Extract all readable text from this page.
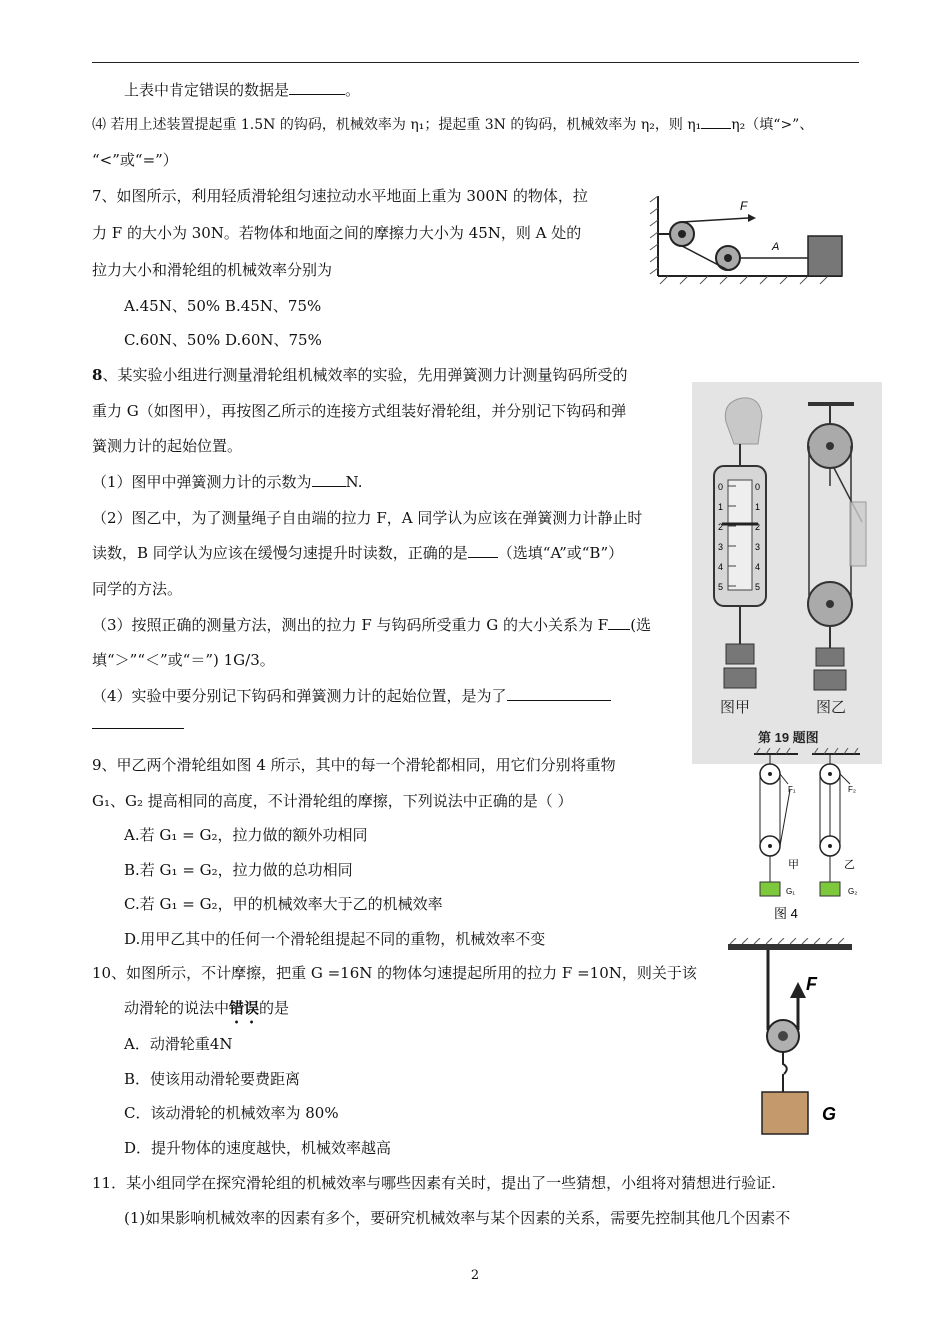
上表中肯定错误的数据是	。
⑷ 若用上述装置提起重 1.5N 的钩码，机械效率为 η₁；提起重 3N 的钩码，机械效率为 η₂，则 η₁ η₂（填“>”、
“<”或“=”）
7、如图所示，利用轻质滑轮组匀速拉动水平地面上重为 300N 的物体，拉
力 F 的大小为 30N。若物体和地面之间的摩擦力大小为 45N，则 A 处的
拉力大小和滑轮组的机械效率分别为
A.45N、50% B.45N、75%
C.60N、50% D.60N、75%
8、某实验小组进行测量滑轮组机械效率的实验，先用弹簧测力计测量钩码所受的
重力 G（如图甲），再按图乙所示的连接方式组装好滑轮组，并分别记下钩码和弹
簧测力计的起始位置。
（1）图甲中弹簧测力计的示数为 N.
（2）图乙中，为了测量绳子自由端的拉力 F，A 同学认为应该在弹簧测力计静止时
读数，B 同学认为应该在缓慢匀速提升时读数，正确的是 （选填“A”或“B”）
同学的方法。
（3）按照正确的测量方法，测出的拉力 F 与钩码所受重力 G 的大小关系为 F (选
填“＞”“＜”或“＝”) 1G/3。
（4）实验中要分别记下钩码和弹簧测力计的起始位置，是为了
9、甲乙两个滑轮组如图 4 所示，其中的每一个滑轮都相同，用它们分别将重物
G₁、G₂ 提高相同的高度，不计滑轮组的摩擦，下列说法中正确的是（ ）
A.若 G₁ = G₂，拉力做的额外功相同
B.若 G₁ = G₂，拉力做的总功相同
C.若 G₁ = G₂，甲的机械效率大于乙的机械效率
D.用甲乙其中的任何一个滑轮组提起不同的重物，机械效率不变
10、如图所示，不计摩擦，把重 G =16N 的物体匀速提起所用的拉力 F =10N，则关于该
动滑轮的说法中错误的是
A．动滑轮重4N
B．使该用动滑轮要费距离
C．该动滑轮的机械效率为 80%
D．提升物体的速度越快，机械效率越高
11．某小组同学在探究滑轮组的机械效率与哪些因素有关时，提出了一些猜想，小组将对猜想进行验证.
(1)如果影响机械效率的因素有多个，要研究机械效率与某个因素的关系，需要先控制其他几个因素不
F
A
0
1
2
3
4
5
0
1
2
3
4
5
图甲	图乙
第 19 题图
F₁
G₁
甲
F₂
G₂
乙
图 4
F
G
2
